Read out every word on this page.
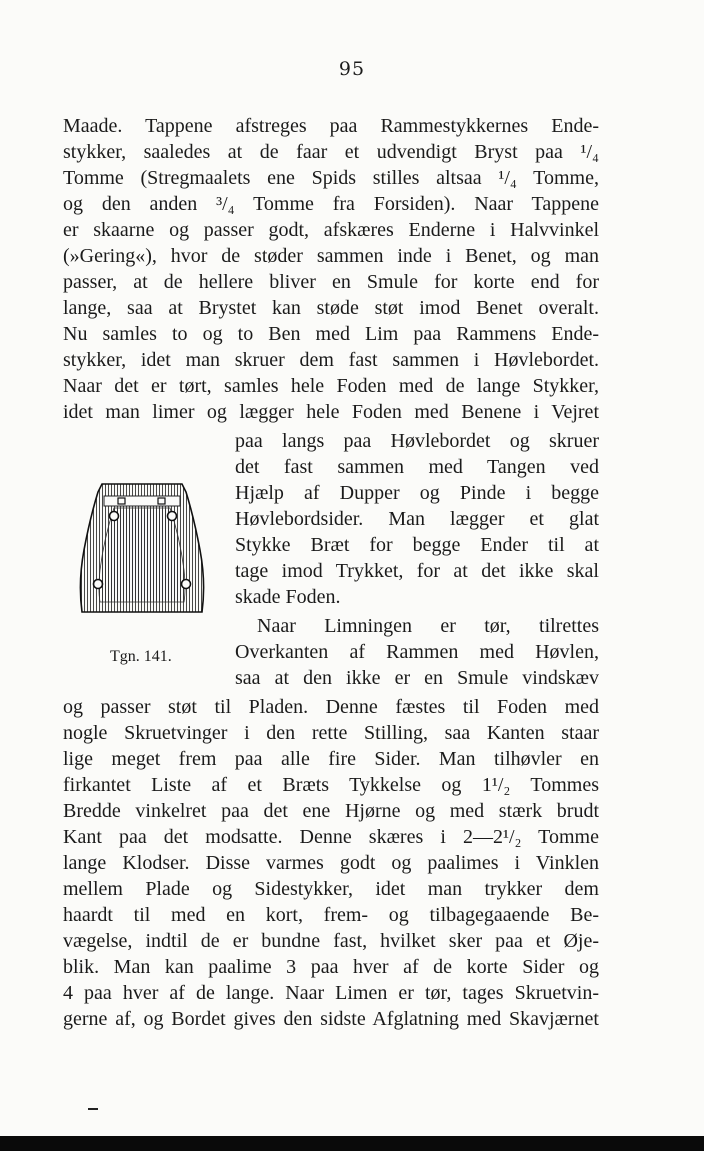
95
Maade. Tappene afstreges paa Rammestykkernes Ende-
stykker, saaledes at de faar et udvendigt Bryst paa ¹/₄
Tomme (Stregmaalets ene Spids stilles altsaa ¹/₄ Tomme,
og den anden ³/₄ Tomme fra Forsiden). Naar Tappene
er skaarne og passer godt, afskæres Enderne i Halvvinkel
(»Gering«), hvor de støder sammen inde i Benet, og man
passer, at de hellere bliver en Smule for korte end for
lange, saa at Brystet kan støde støt imod Benet overalt.
Nu samles to og to Ben med Lim paa Rammens Ende-
stykker, idet man skruer dem fast sammen i Høvlebordet.
Naar det er tørt, samles hele Foden med de lange Stykker,
idet man limer og lægger hele Foden med Benene i Vejret
paa langs paa Høvlebordet og skruer
det fast sammen med Tangen ved
Hjælp af Dupper og Pinde i begge
Høvlebordsider. Man lægger et glat
Stykke Bræt for begge Ender til at
tage imod Trykket, for at det ikke skal
skade Foden.
Naar Limningen er tør, tilrettes
Overkanten af Rammen med Høvlen,
saa at den ikke er en Smule vindskæv
Tgn. 141.
og passer støt til Pladen. Denne fæstes til Foden med
nogle Skruetvinger i den rette Stilling, saa Kanten staar
lige meget frem paa alle fire Sider. Man tilhøvler en
firkantet Liste af et Bræts Tykkelse og 1¹/₂ Tommes
Bredde vinkelret paa det ene Hjørne og med stærk brudt
Kant paa det modsatte. Denne skæres i 2—2¹/₂ Tomme
lange Klodser. Disse varmes godt og paalimes i Vinklen
mellem Plade og Sidestykker, idet man trykker dem
haardt til med en kort, frem- og tilbagegaaende Be-
vægelse, indtil de er bundne fast, hvilket sker paa et Øje-
blik. Man kan paalime 3 paa hver af de korte Sider og
4 paa hver af de lange. Naar Limen er tør, tages Skruetvin-
gerne af, og Bordet gives den sidste Afglatning med Skavjærnet
